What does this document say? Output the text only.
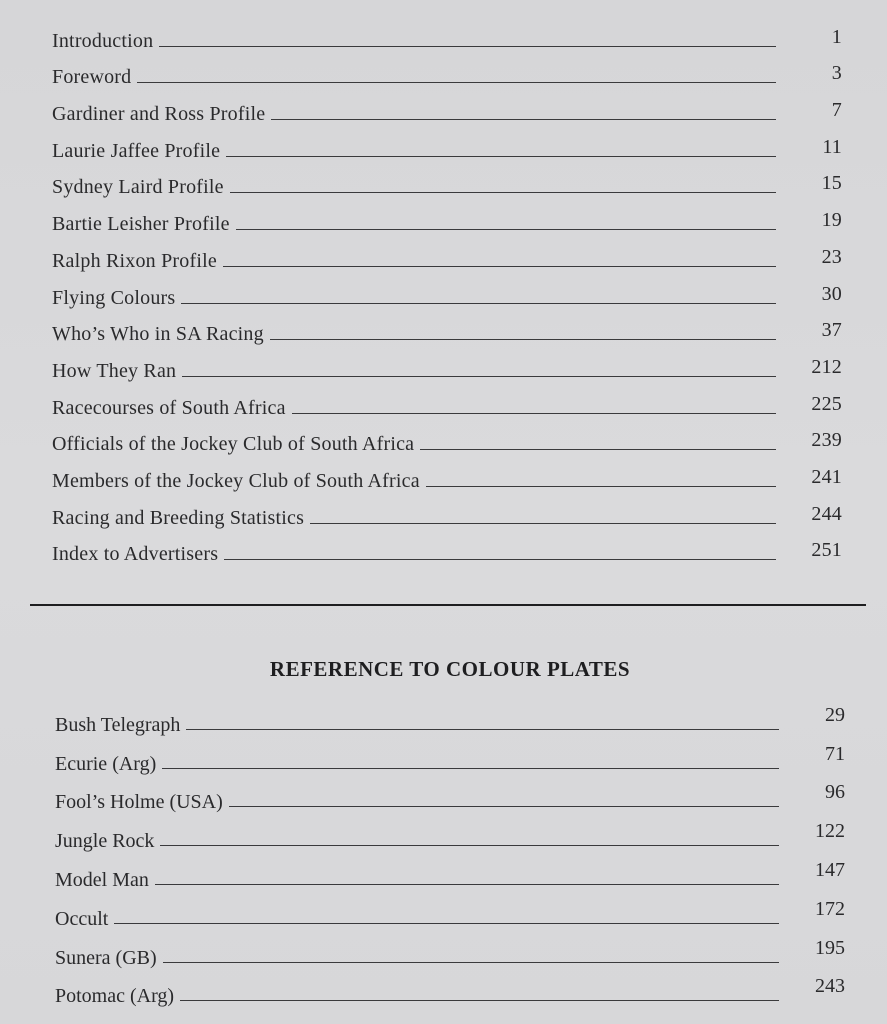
Introduction	1
Foreword	3
Gardiner and Ross Profile	7
Laurie Jaffee Profile	11
Sydney Laird Profile	15
Bartie Leisher Profile	19
Ralph Rixon Profile	23
Flying Colours	30
Who’s Who in SA Racing	37
How They Ran	212
Racecourses of South Africa	225
Officials of the Jockey Club of South Africa	239
Members of the Jockey Club of South Africa	241
Racing and Breeding Statistics	244
Index to Advertisers	251
REFERENCE TO COLOUR PLATES
Bush Telegraph	29
Ecurie (Arg)	71
Fool’s Holme (USA)	96
Jungle Rock	122
Model Man	147
Occult	172
Sunera (GB)	195
Potomac (Arg)	243
